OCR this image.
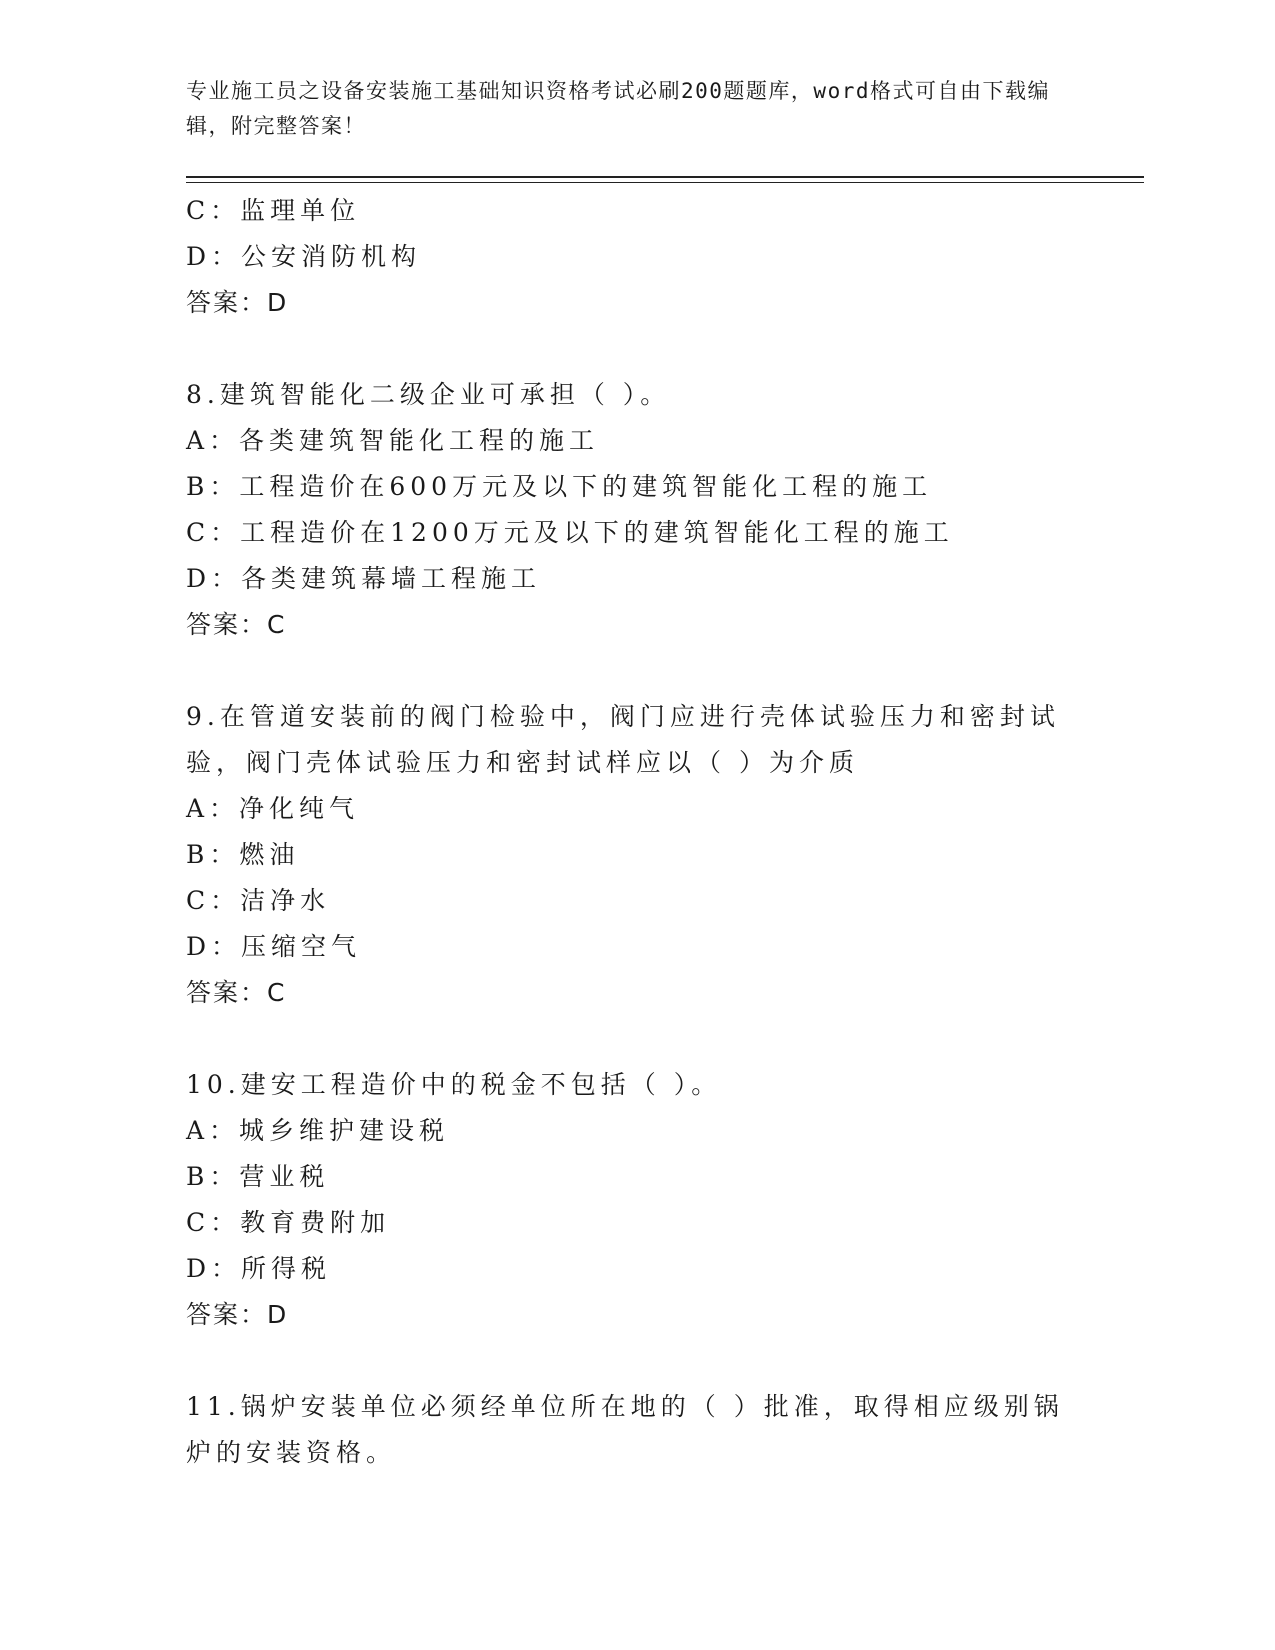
专业施工员之设备安装施工基础知识资格考试必刷200题题库，word格式可自由下载编辑，附完整答案！
C：监理单位
D：公安消防机构
答案：D
8.建筑智能化二级企业可承担（ ）。
A：各类建筑智能化工程的施工
B：工程造价在600万元及以下的建筑智能化工程的施工
C：工程造价在1200万元及以下的建筑智能化工程的施工
D：各类建筑幕墙工程施工
答案：C
9.在管道安装前的阀门检验中，阀门应进行壳体试验压力和密封试验，阀门壳体试验压力和密封试样应以（ ）为介质
A：净化纯气
B：燃油
C：洁净水
D：压缩空气
答案：C
10.建安工程造价中的税金不包括（ ）。
A：城乡维护建设税
B：营业税
C：教育费附加
D：所得税
答案：D
11.锅炉安装单位必须经单位所在地的（ ）批准，取得相应级别锅炉的安装资格。
